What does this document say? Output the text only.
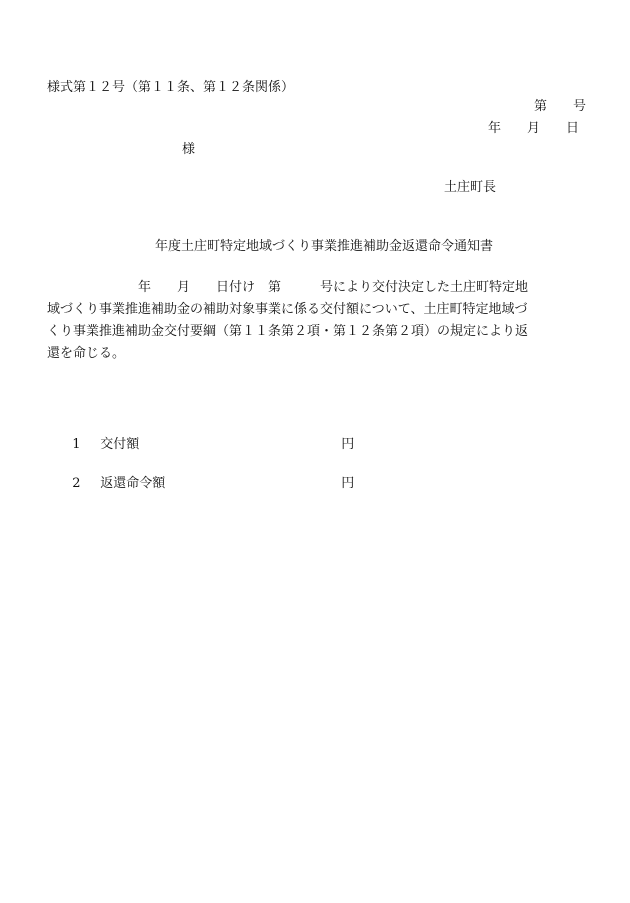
様式第１２号（第１１条、第１２条関係）
第　　号
年　　月　　日
様
土庄町長
年度土庄町特定地域づくり事業推進補助金返還命令通知書
　　　　　　　年　　月　　日付け　第　　　号により交付決定した土庄町特定地
域づくり事業推進補助金の補助対象事業に係る交付額について、土庄町特定地域づ
くり事業推進補助金交付要綱（第１１条第２項・第１２条第２項）の規定により返
還を命じる。

1 交付額	円

2 返還命令額	円
